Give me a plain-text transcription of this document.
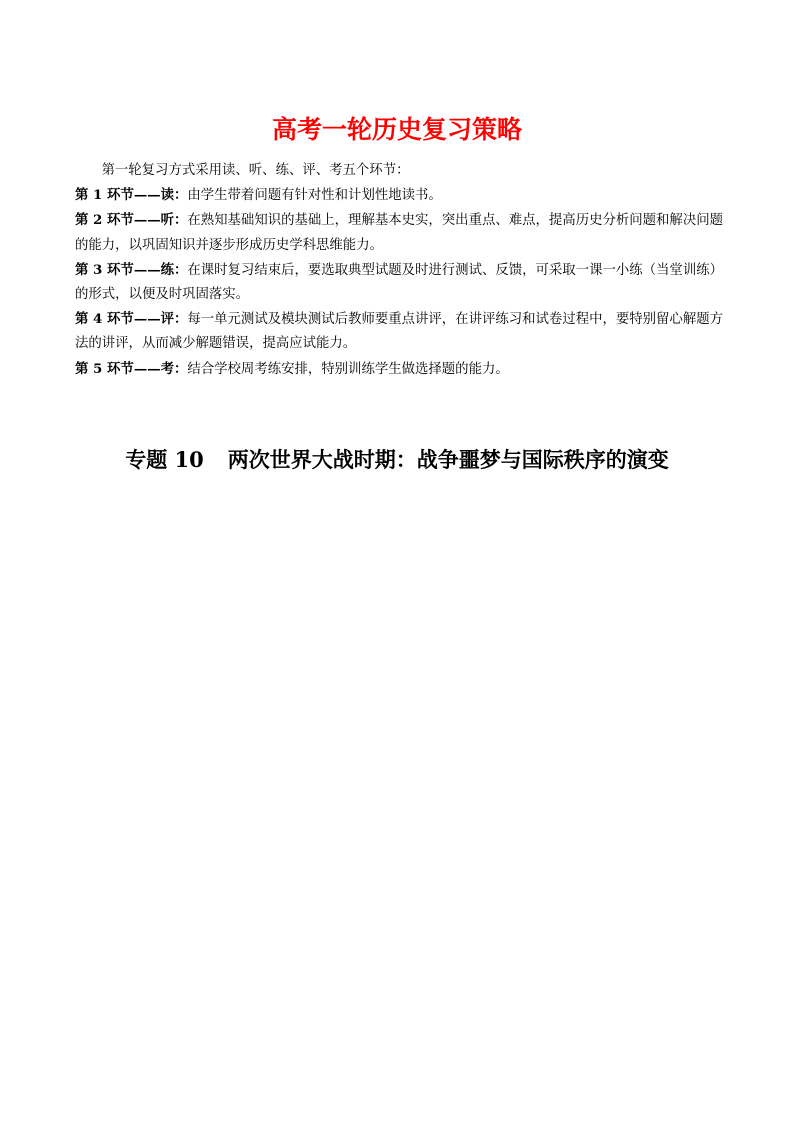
高考一轮历史复习策略

第一轮复习方式采用读、听、练、评、考五个环节：

第 1 环节——读：由学生带着问题有针对性和计划性地读书。

第 2 环节——听：在熟知基础知识的基础上，理解基本史实，突出重点、难点，提高历史分析问题和解决问题的能力，以巩固知识并逐步形成历史学科思维能力。

第 3 环节——练：在课时复习结束后，要选取典型试题及时进行测试、反馈，可采取一课一小练（当堂训练）的形式，以便及时巩固落实。

第 4 环节——评：每一单元测试及模块测试后教师要重点讲评，在讲评练习和试卷过程中，要特别留心解题方法的讲评，从而减少解题错误，提高应试能力。

第 5 环节——考：结合学校周考练安排，特别训练学生做选择题的能力。

专题 10 两次世界大战时期：战争噩梦与国际秩序的演变
